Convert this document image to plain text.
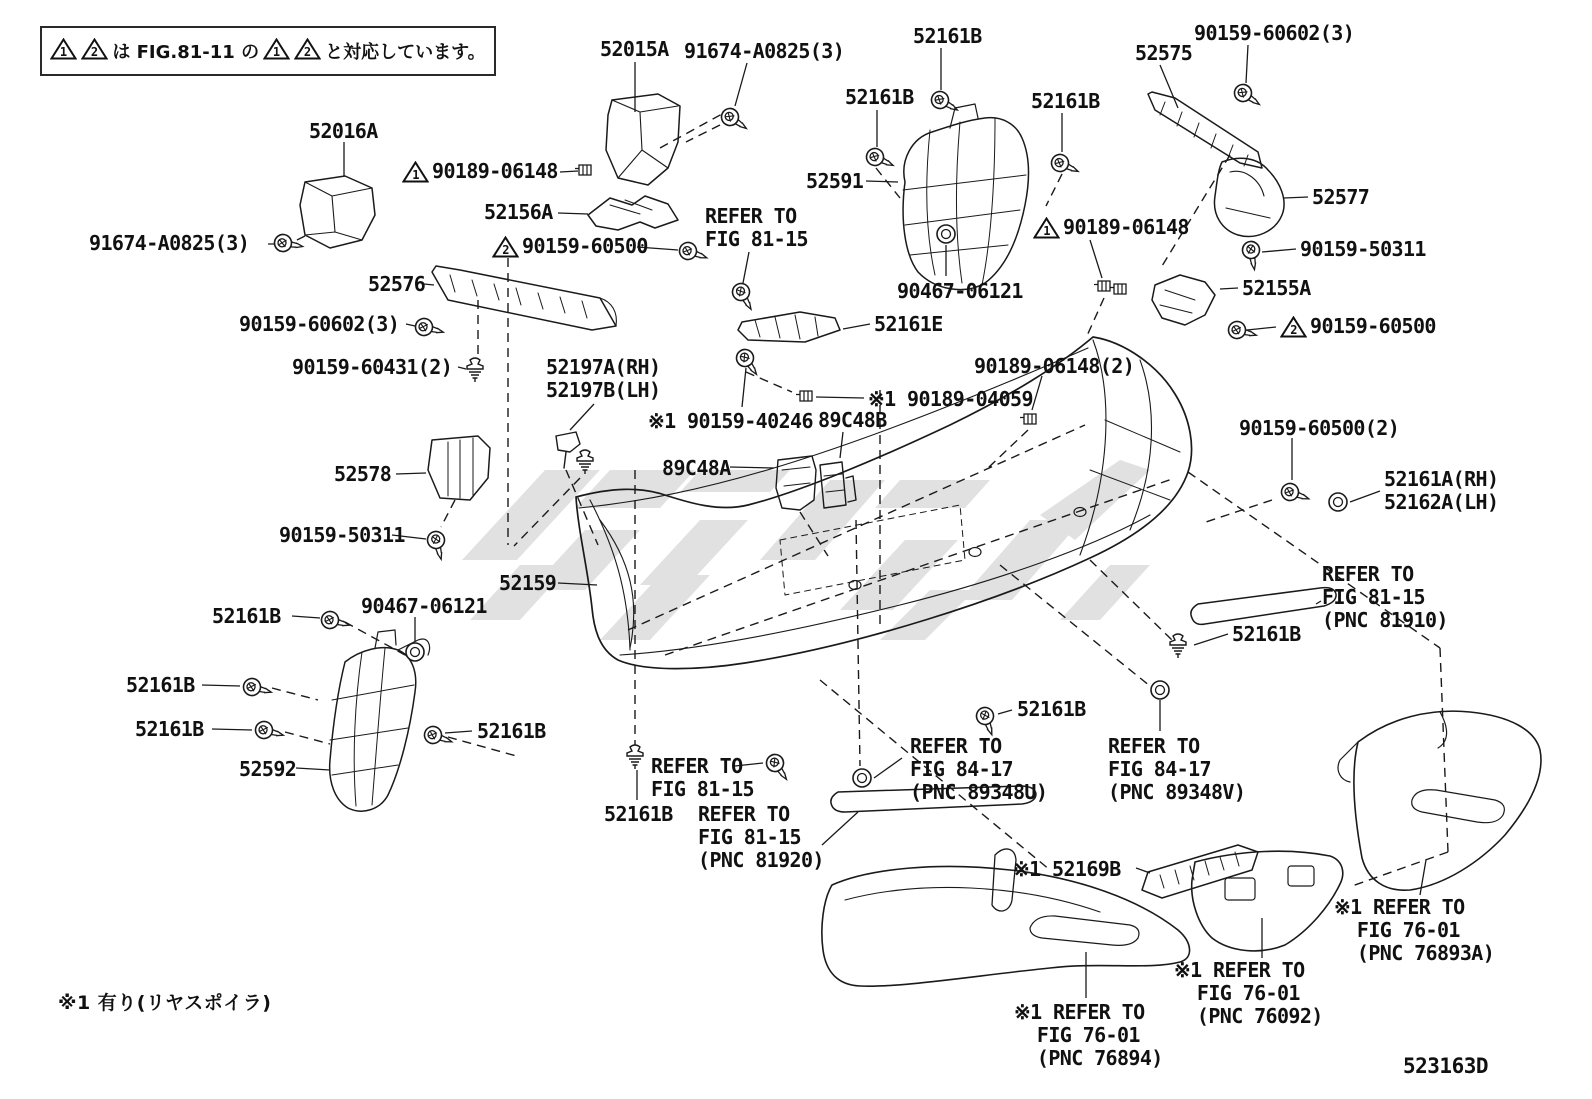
1 2 は FIG.81-11 の 1 2 と対応しています。	52015A 91674-A0825(3)
52161B
52161B	52161B
52575
90159-60602(3)
52016A
1 90189-06148
91674-A0825(3)
52156A
2 90159-60500
REFER TO
FIG 81-15
52591
1 90189-06148
52577
90159-50311
52576
90159-60602(3)
90159-60431(2)
90467-06121	52155A
2 90159-60500
52161E
52197A(RH)
52197B(LH)
90189-06148(2)
※1 90189-04059
※1 90159-40246 89C48B
89C48A
90159-60500(2)
52161A(RH)
52162A(LH)
52578
90159-50311
52159	REFER TO
FIG 81-15
(PNC 81910)
52161B
52161B	90467-06121
52161B
52161B	52161B
52592
52161B
REFER TO
FIG 81-15
REFER TO
FIG 81-15
(PNC 81920)
REFER TO
FIG 84-17
(PNC 89348U)
52161B
REFER TO
FIG 84-17
(PNC 89348V)
※1 52169B
※1 REFER TO
FIG 76-01
(PNC 76894)
※1 REFER TO
FIG 76-01
(PNC 76092)
※1 REFER TO
FIG 76-01
(PNC 76893A)
※1 有り(リヤスポイラ)
523163D
